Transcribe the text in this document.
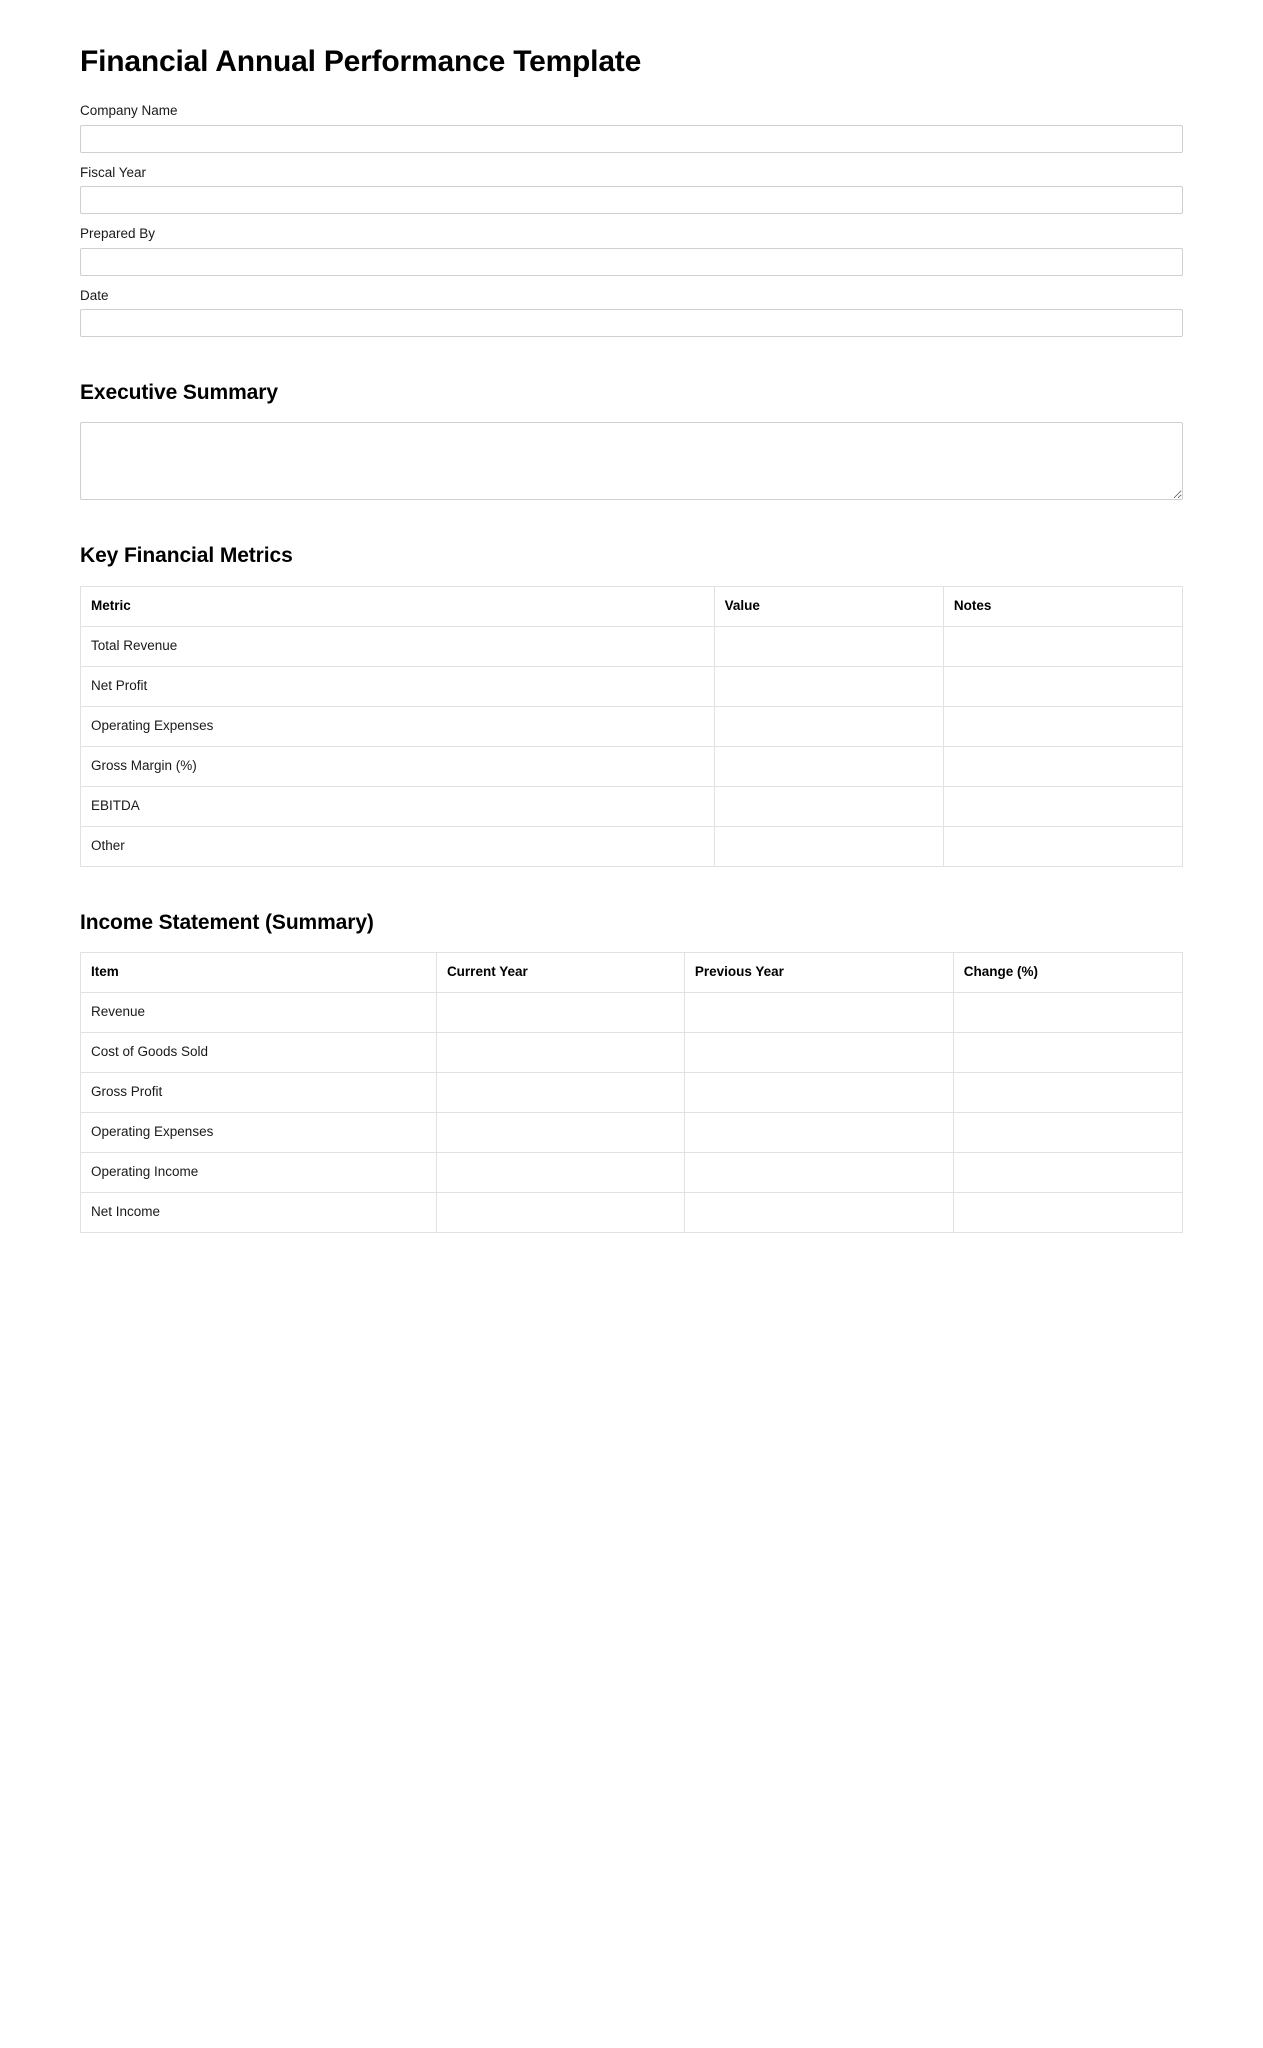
Financial Annual Performance Template
Company Name
Fiscal Year
Prepared By
Date
Executive Summary
Key Financial Metrics
Metric	Value	Notes
Total Revenue		
Net Profit		
Operating Expenses		
Gross Margin (%)		
EBITDA		
Other		
Income Statement (Summary)
Item	Current Year	Previous Year	Change (%)
Revenue			
Cost of Goods Sold			
Gross Profit			
Operating Expenses			
Operating Income			
Net Income			
